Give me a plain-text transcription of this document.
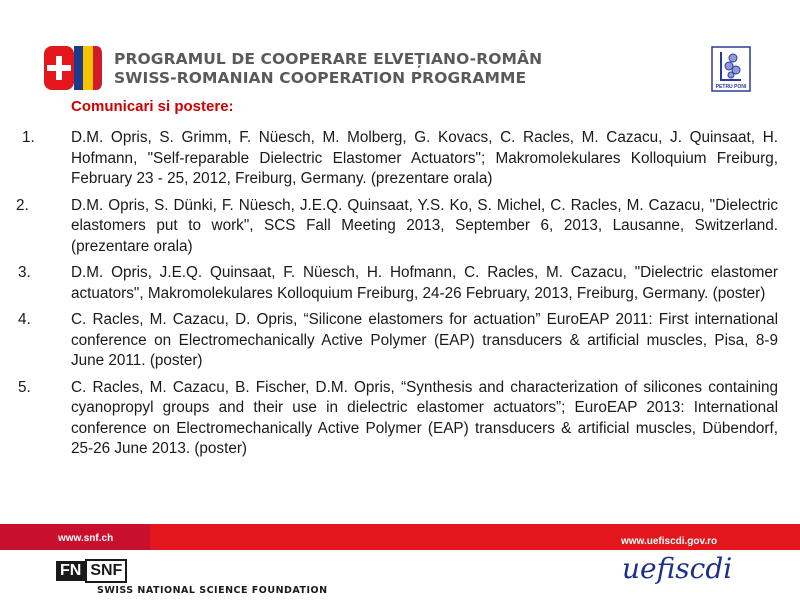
PROGRAMUL DE COOPERARE ELVEȚIANO-ROMÂN
SWISS-ROMANIAN COOPERATION PROGRAMME	PETRU PONI
Comunicari si postere:
1. D.M. Opris, S. Grimm, F. Nüesch, M. Molberg, G. Kovacs, C. Racles, M. Cazacu, J. Quinsaat, H. Hofmann, "Self-reparable Dielectric Elastomer Actuators"; Makromolekulares Kolloquium Freiburg, February 23 - 25, 2012, Freiburg, Germany. (prezentare orala)
2.	D.M. Opris, S. Dünki, F. Nüesch, J.E.Q. Quinsaat, Y.S. Ko, S. Michel, C. Racles, M. Cazacu, "Dielectric elastomers put to work", SCS Fall Meeting 2013, September 6, 2013, Lausanne, Switzerland. (prezentare orala)
3.	D.M. Opris, J.E.Q. Quinsaat, F. Nüesch, H. Hofmann, C. Racles, M. Cazacu, "Dielectric elastomer actuators", Makromolekulares Kolloquium Freiburg, 24-26 February, 2013, Freiburg, Germany. (poster)
4.	C. Racles, M. Cazacu, D. Opris, “Silicone elastomers for actuation” EuroEAP 2011: First international conference on Electromechanically Active Polymer (EAP) transducers & artificial muscles, Pisa, 8-9 June 2011. (poster)
5.	C. Racles, M. Cazacu, B. Fischer, D.M. Opris, “Synthesis and characterization of silicones containing cyanopropyl groups and their use in dielectric elastomer actuators”; EuroEAP 2013: International conference on Electromechanically Active Polymer (EAP) transducers & artificial muscles, Dübendorf, 25-26 June 2013. (poster)
www.snf.ch	www.uefiscdi.gov.ro
FN SNF
SWISS NATIONAL SCIENCE FOUNDATION
uefiscdi
